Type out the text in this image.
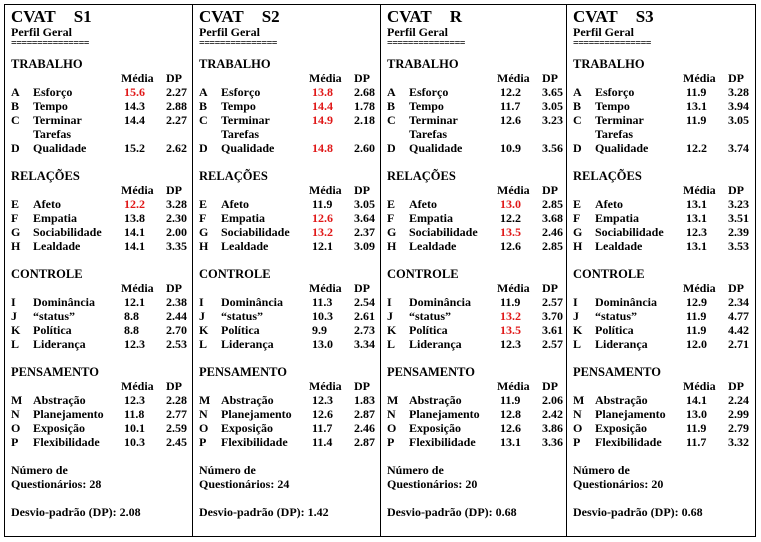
CVAT S1
Perfil Geral
===============
TRABALHO
Média DP
A Esforço	15.6 2.27
B Tempo	14.3 2.88
C Terminar	14.4 2.27
Tarefas
D Qualidade	15.2 2.62
RELAÇÕES
Média DP
E Afeto	12.2 3.28
F Empatia	13.8 2.30
G Sociabilidade 14.1 2.00
H Lealdade	14.1 3.35
CONTROLE
Média DP
I Dominância 12.1 2.38
J “status”	8.8 2.44
K Política	8.8 2.70
L Liderança	12.3 2.53
PENSAMENTO
Média DP
M Abstração	12.3 2.28
N Planejamento 11.8 2.77
O Exposição	10.1 2.59
P Flexibilidade 10.3 2.45
Número de
Questionários: 28
Desvio-padrão (DP): 2.08
CVAT S2
Perfil Geral
===============
TRABALHO
Média DP
A Esforço	13.8 2.68
B Tempo	14.4 1.78
C Terminar	14.9 2.18
Tarefas
D Qualidade	14.8 2.60
RELAÇÕES
Média DP
E Afeto	11.9 3.05
F Empatia	12.6 3.64
G Sociabilidade 13.2 2.37
H Lealdade	12.1 3.09
CONTROLE
Média DP
I Dominância 11.3 2.54
J “status”	10.3 2.61
K Política	9.9 2.73
L Liderança	13.0 3.34
PENSAMENTO
Média DP
M Abstração	12.3 1.83
N Planejamento 12.6 2.87
O Exposição	11.7 2.46
P Flexibilidade 11.4 2.87
Número de
Questionários: 24
Desvio-padrão (DP): 1.42
CVAT R
Perfil Geral
===============
TRABALHO
Média DP
A Esforço	12.2 3.65
B Tempo	11.7 3.05
C Terminar	12.6 3.23
Tarefas
D Qualidade	10.9 3.56
RELAÇÕES
Média DP
E Afeto	13.0 2.85
F Empatia	12.2 3.68
G Sociabilidade 13.5 2.46
H Lealdade	12.6 2.85
CONTROLE
Média DP
I Dominância 11.9 2.57
J “status”	13.2 3.70
K Política	13.5 3.61
L Liderança	12.3 2.57
PENSAMENTO
Média DP
M Abstração	11.9 2.06
N Planejamento 12.8 2.42
O Exposição	12.6 3.86
P Flexibilidade 13.1 3.36
Número de
Questionários: 20
Desvio-padrão (DP): 0.68
CVAT S3
Perfil Geral
===============
TRABALHO
Média DP
A Esforço	11.9 3.28
B Tempo	13.1 3.94
C Terminar	11.9 3.05
Tarefas
D Qualidade	12.2 3.74
RELAÇÕES
Média DP
E Afeto	13.1 3.23
F Empatia	13.1 3.51
G Sociabilidade 12.3 2.39
H Lealdade	13.1 3.53
CONTROLE
Média DP
I Dominância 12.9 2.34
J “status”	11.9 4.77
K Política	11.9 4.42
L Liderança	12.0 2.71
PENSAMENTO
Média DP
M Abstração	14.1 2.24
N Planejamento 13.0 2.99
O Exposição	11.9 2.79
P Flexibilidade 11.7 3.32
Número de
Questionários: 20
Desvio-padrão (DP): 0.68
